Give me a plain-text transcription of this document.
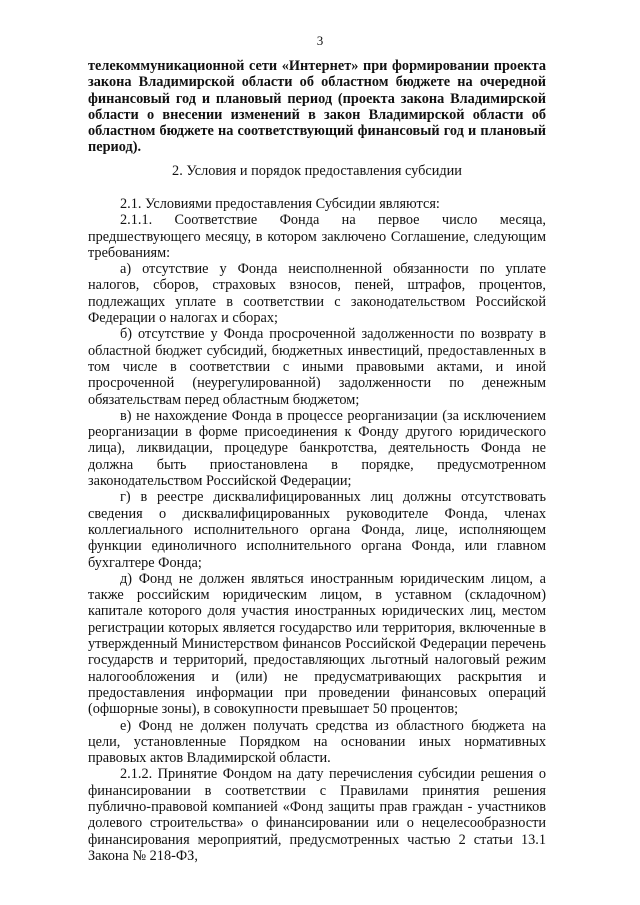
3

телекоммуникационной сети «Интернет» при формировании проекта закона Владимирской области об областном бюджете на очередной финансовый год и плановый период (проекта закона Владимирской области о внесении изменений в закон Владимирской области об областном бюджете на соответствующий финансовый год и плановый период).

2. Условия и порядок предоставления субсидии

2.1. Условиями предоставления Субсидии являются:

2.1.1. Соответствие Фонда на первое число месяца, предшествующего месяцу, в котором заключено Соглашение, следующим требованиям:

а) отсутствие у Фонда неисполненной обязанности по уплате налогов, сборов, страховых взносов, пеней, штрафов, процентов, подлежащих уплате в соответствии с законодательством Российской Федерации о налогах и сборах;

б) отсутствие у Фонда просроченной задолженности по возврату в областной бюджет субсидий, бюджетных инвестиций, предоставленных в том числе в соответствии с иными правовыми актами, и иной просроченной (неурегулированной) задолженности по денежным обязательствам перед областным бюджетом;

в) не нахождение Фонда в процессе реорганизации (за исключением реорганизации в форме присоединения к Фонду другого юридического лица), ликвидации, процедуре банкротства, деятельность Фонда не должна быть приостановлена в порядке, предусмотренном законодательством Российской Федерации;

г) в реестре дисквалифицированных лиц должны отсутствовать сведения о дисквалифицированных руководителе Фонда, членах коллегиального исполнительного органа Фонда, лице, исполняющем функции единоличного исполнительного органа Фонда, или главном бухгалтере Фонда;

д) Фонд не должен являться иностранным юридическим лицом, а также российским юридическим лицом, в уставном (складочном) капитале которого доля участия иностранных юридических лиц, местом регистрации которых является государство или территория, включенные в утвержденный Министерством финансов Российской Федерации перечень государств и территорий, предоставляющих льготный налоговый режим налогообложения и (или) не предусматривающих раскрытия и предоставления информации при проведении финансовых операций (офшорные зоны), в совокупности превышает 50 процентов;

е) Фонд не должен получать средства из областного бюджета на цели, установленные Порядком на основании иных нормативных правовых актов Владимирской области.

2.1.2. Принятие Фондом на дату перечисления субсидии решения о финансировании в соответствии с Правилами принятия решения публично-правовой компанией «Фонд защиты прав граждан - участников долевого строительства» о финансировании или о нецелесообразности финансирования мероприятий, предусмотренных частью 2 статьи 13.1 Закона № 218-ФЗ,
